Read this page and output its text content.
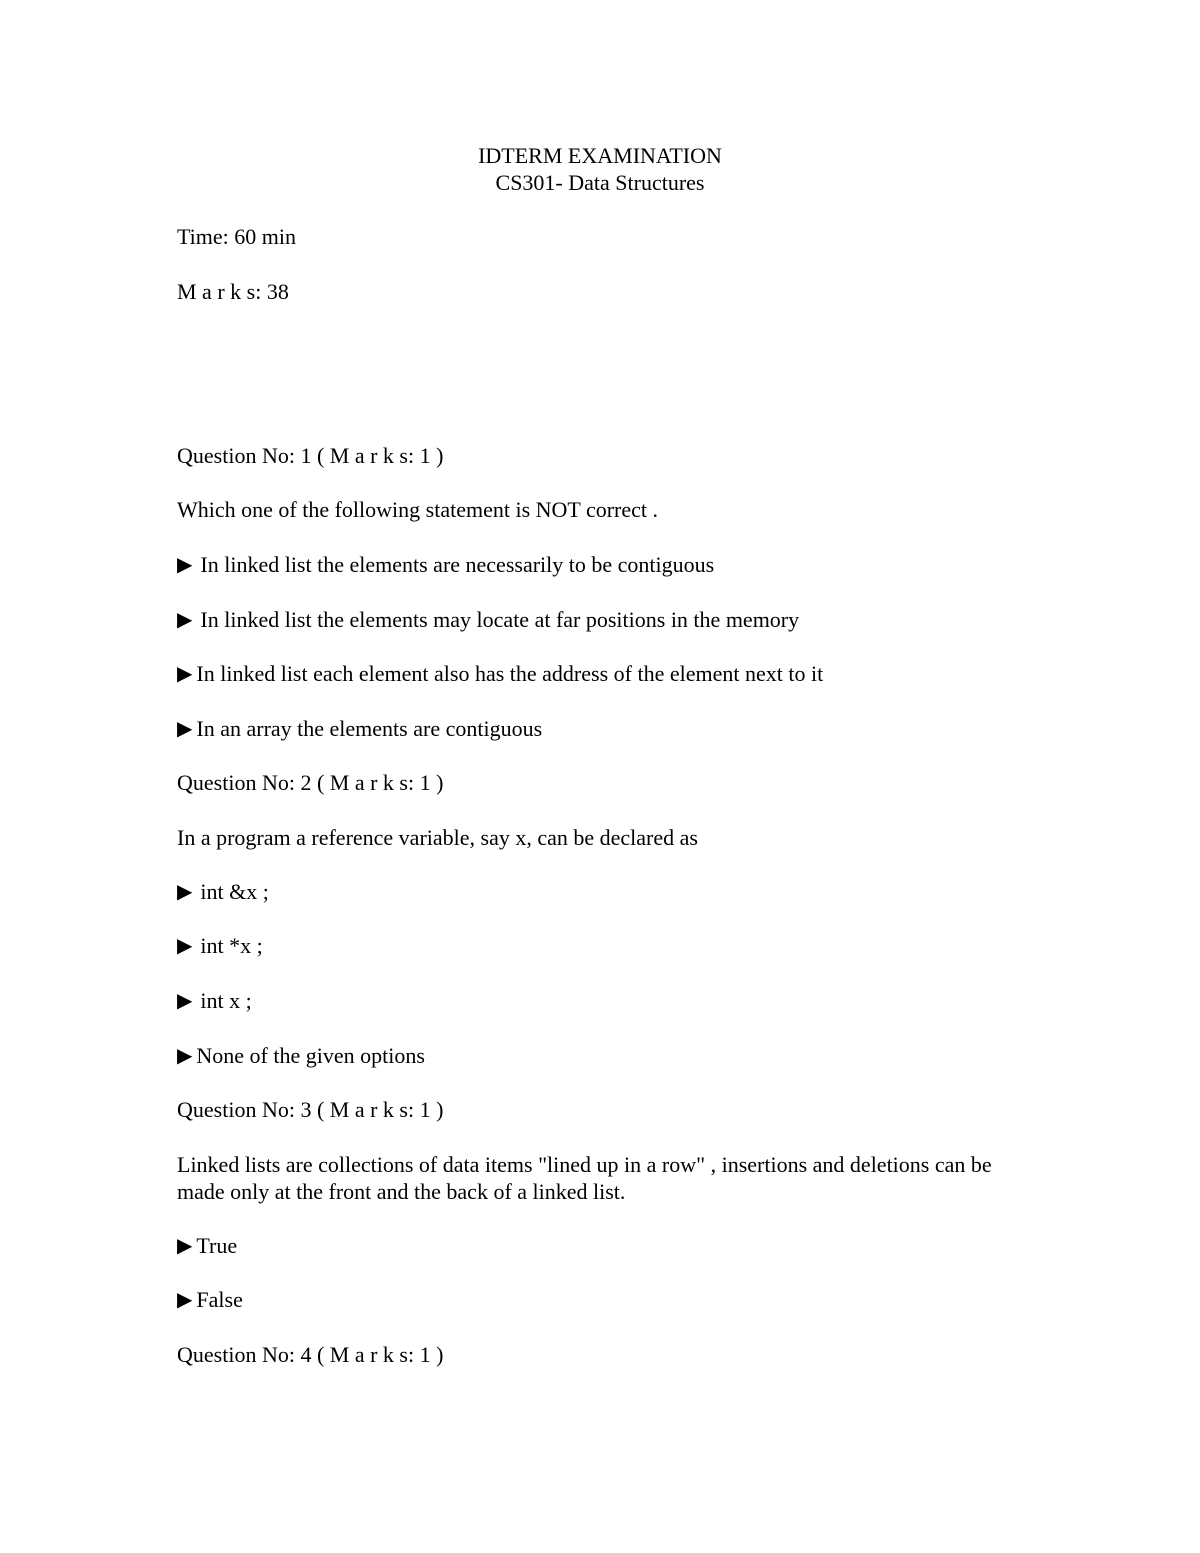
IDTERM EXAMINATION
CS301- Data Structures
Time: 60 min
M a r k s: 38
Question No: 1 ( M a r k s: 1 )
Which one of the following statement is NOT correct .
▶ In linked list the elements are necessarily to be contiguous
▶ In linked list the elements may locate at far positions in the memory
▶ In linked list each element also has the address of the element next to it
▶ In an array the elements are contiguous
Question No: 2 ( M a r k s: 1 )
In a program a reference variable, say x, can be declared as
▶ int &x ;
▶ int *x ;
▶ int x ;
▶ None of the given options
Question No: 3 ( M a r k s: 1 )
Linked lists are collections of data items "lined up in a row" , insertions and deletions can be made only at the front and the back of a linked list.
▶ True
▶ False
Question No: 4 ( M a r k s: 1 )
